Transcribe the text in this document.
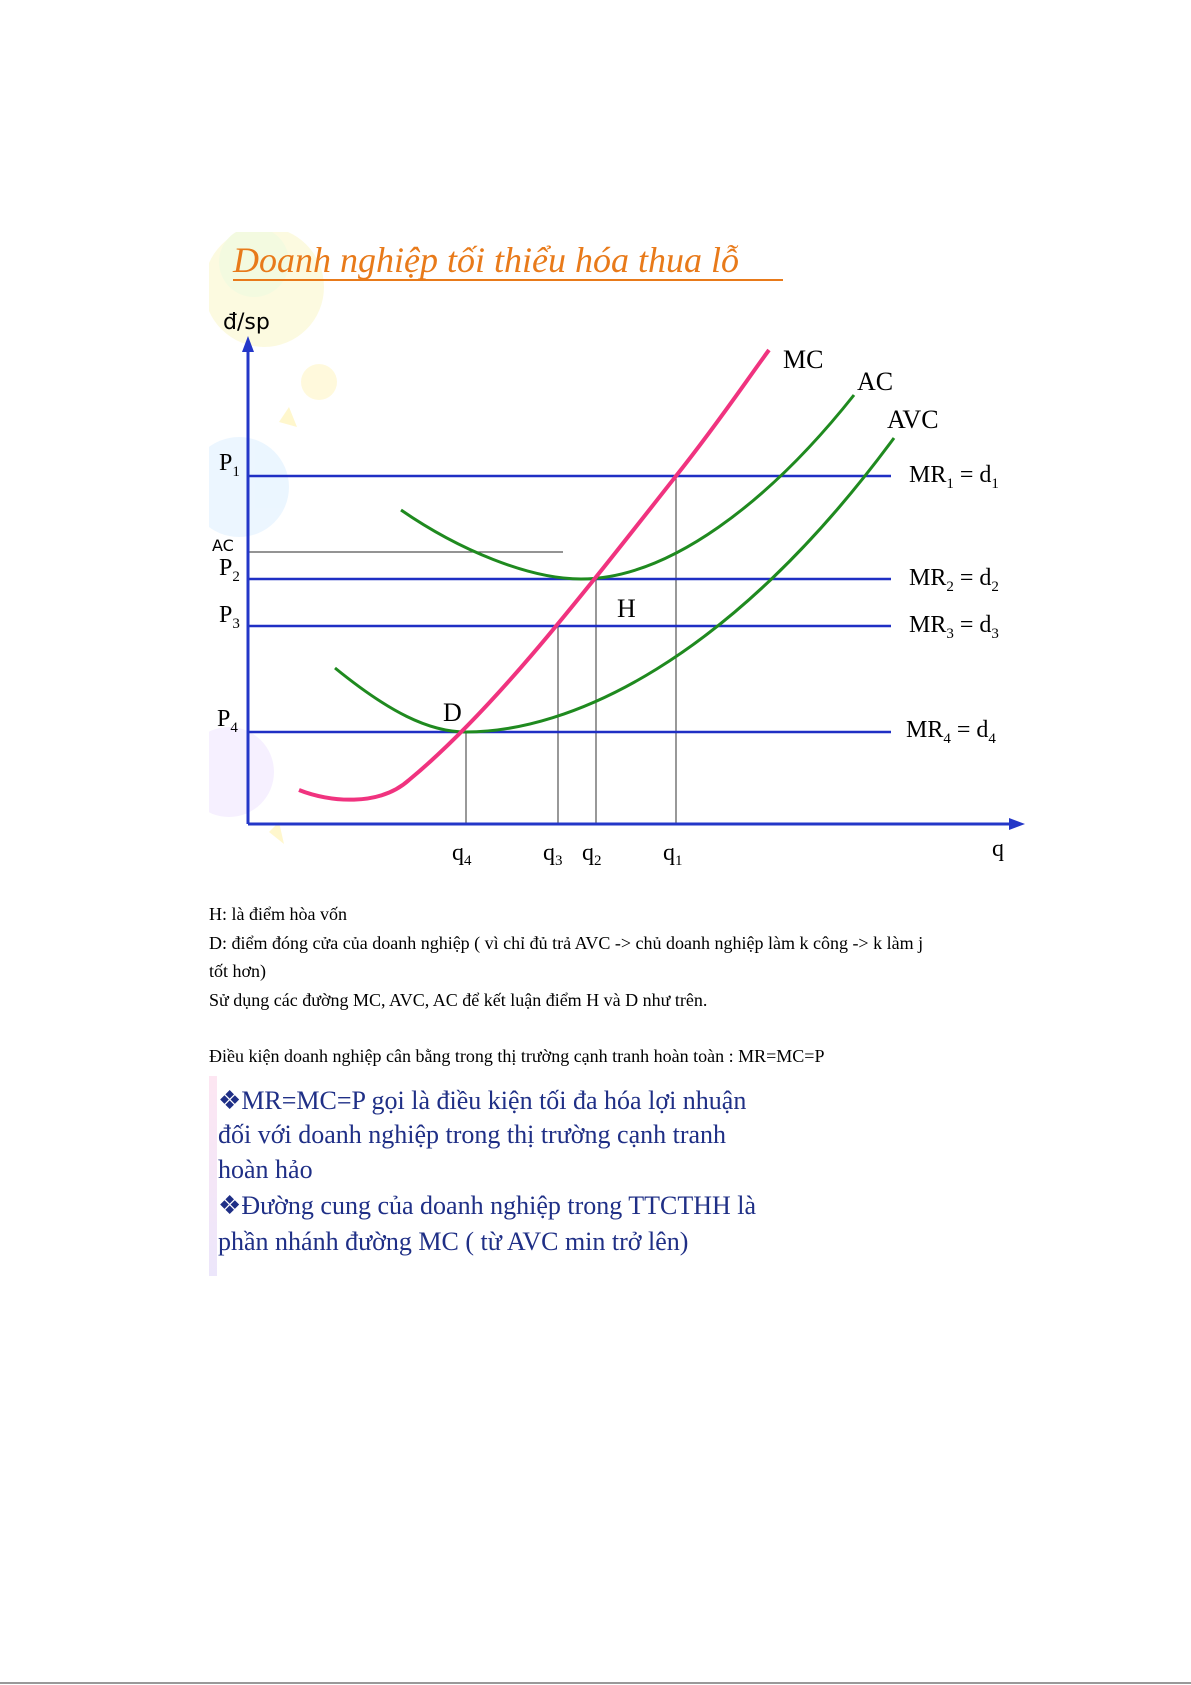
Doanh nghiệp tối thiểu hóa thua lỗ
đ/sp
MC
AC
AVC
H
D
AC
$P_1$
$P_2$
$P_3$
$P_4$
$MR_1 = d_1$
$MR_2 = d_2$
$MR_3 = d_3$
$MR_4 = d_4$
$q_4$	$q_3$ $q_2$	$q_1$	q
H: là điểm hòa vốn
D: điểm đóng cửa của doanh nghiệp ( vì chỉ đủ trả AVC -> chủ doanh nghiệp làm k công -> k làm j
tốt hơn)
Sử dụng các đường MC, AVC, AC để kết luận điểm H và D như trên.
Điều kiện doanh nghiệp cân bằng trong thị trường cạnh tranh hoàn toàn : MR=MC=P
❖MR=MC=P gọi là điều kiện tối đa hóa lợi nhuận
đối với doanh nghiệp trong thị trường cạnh tranh
hoàn hảo
❖Đường cung của doanh nghiệp trong TTCTHH là
phần nhánh đường MC ( từ AVC min trở lên)
